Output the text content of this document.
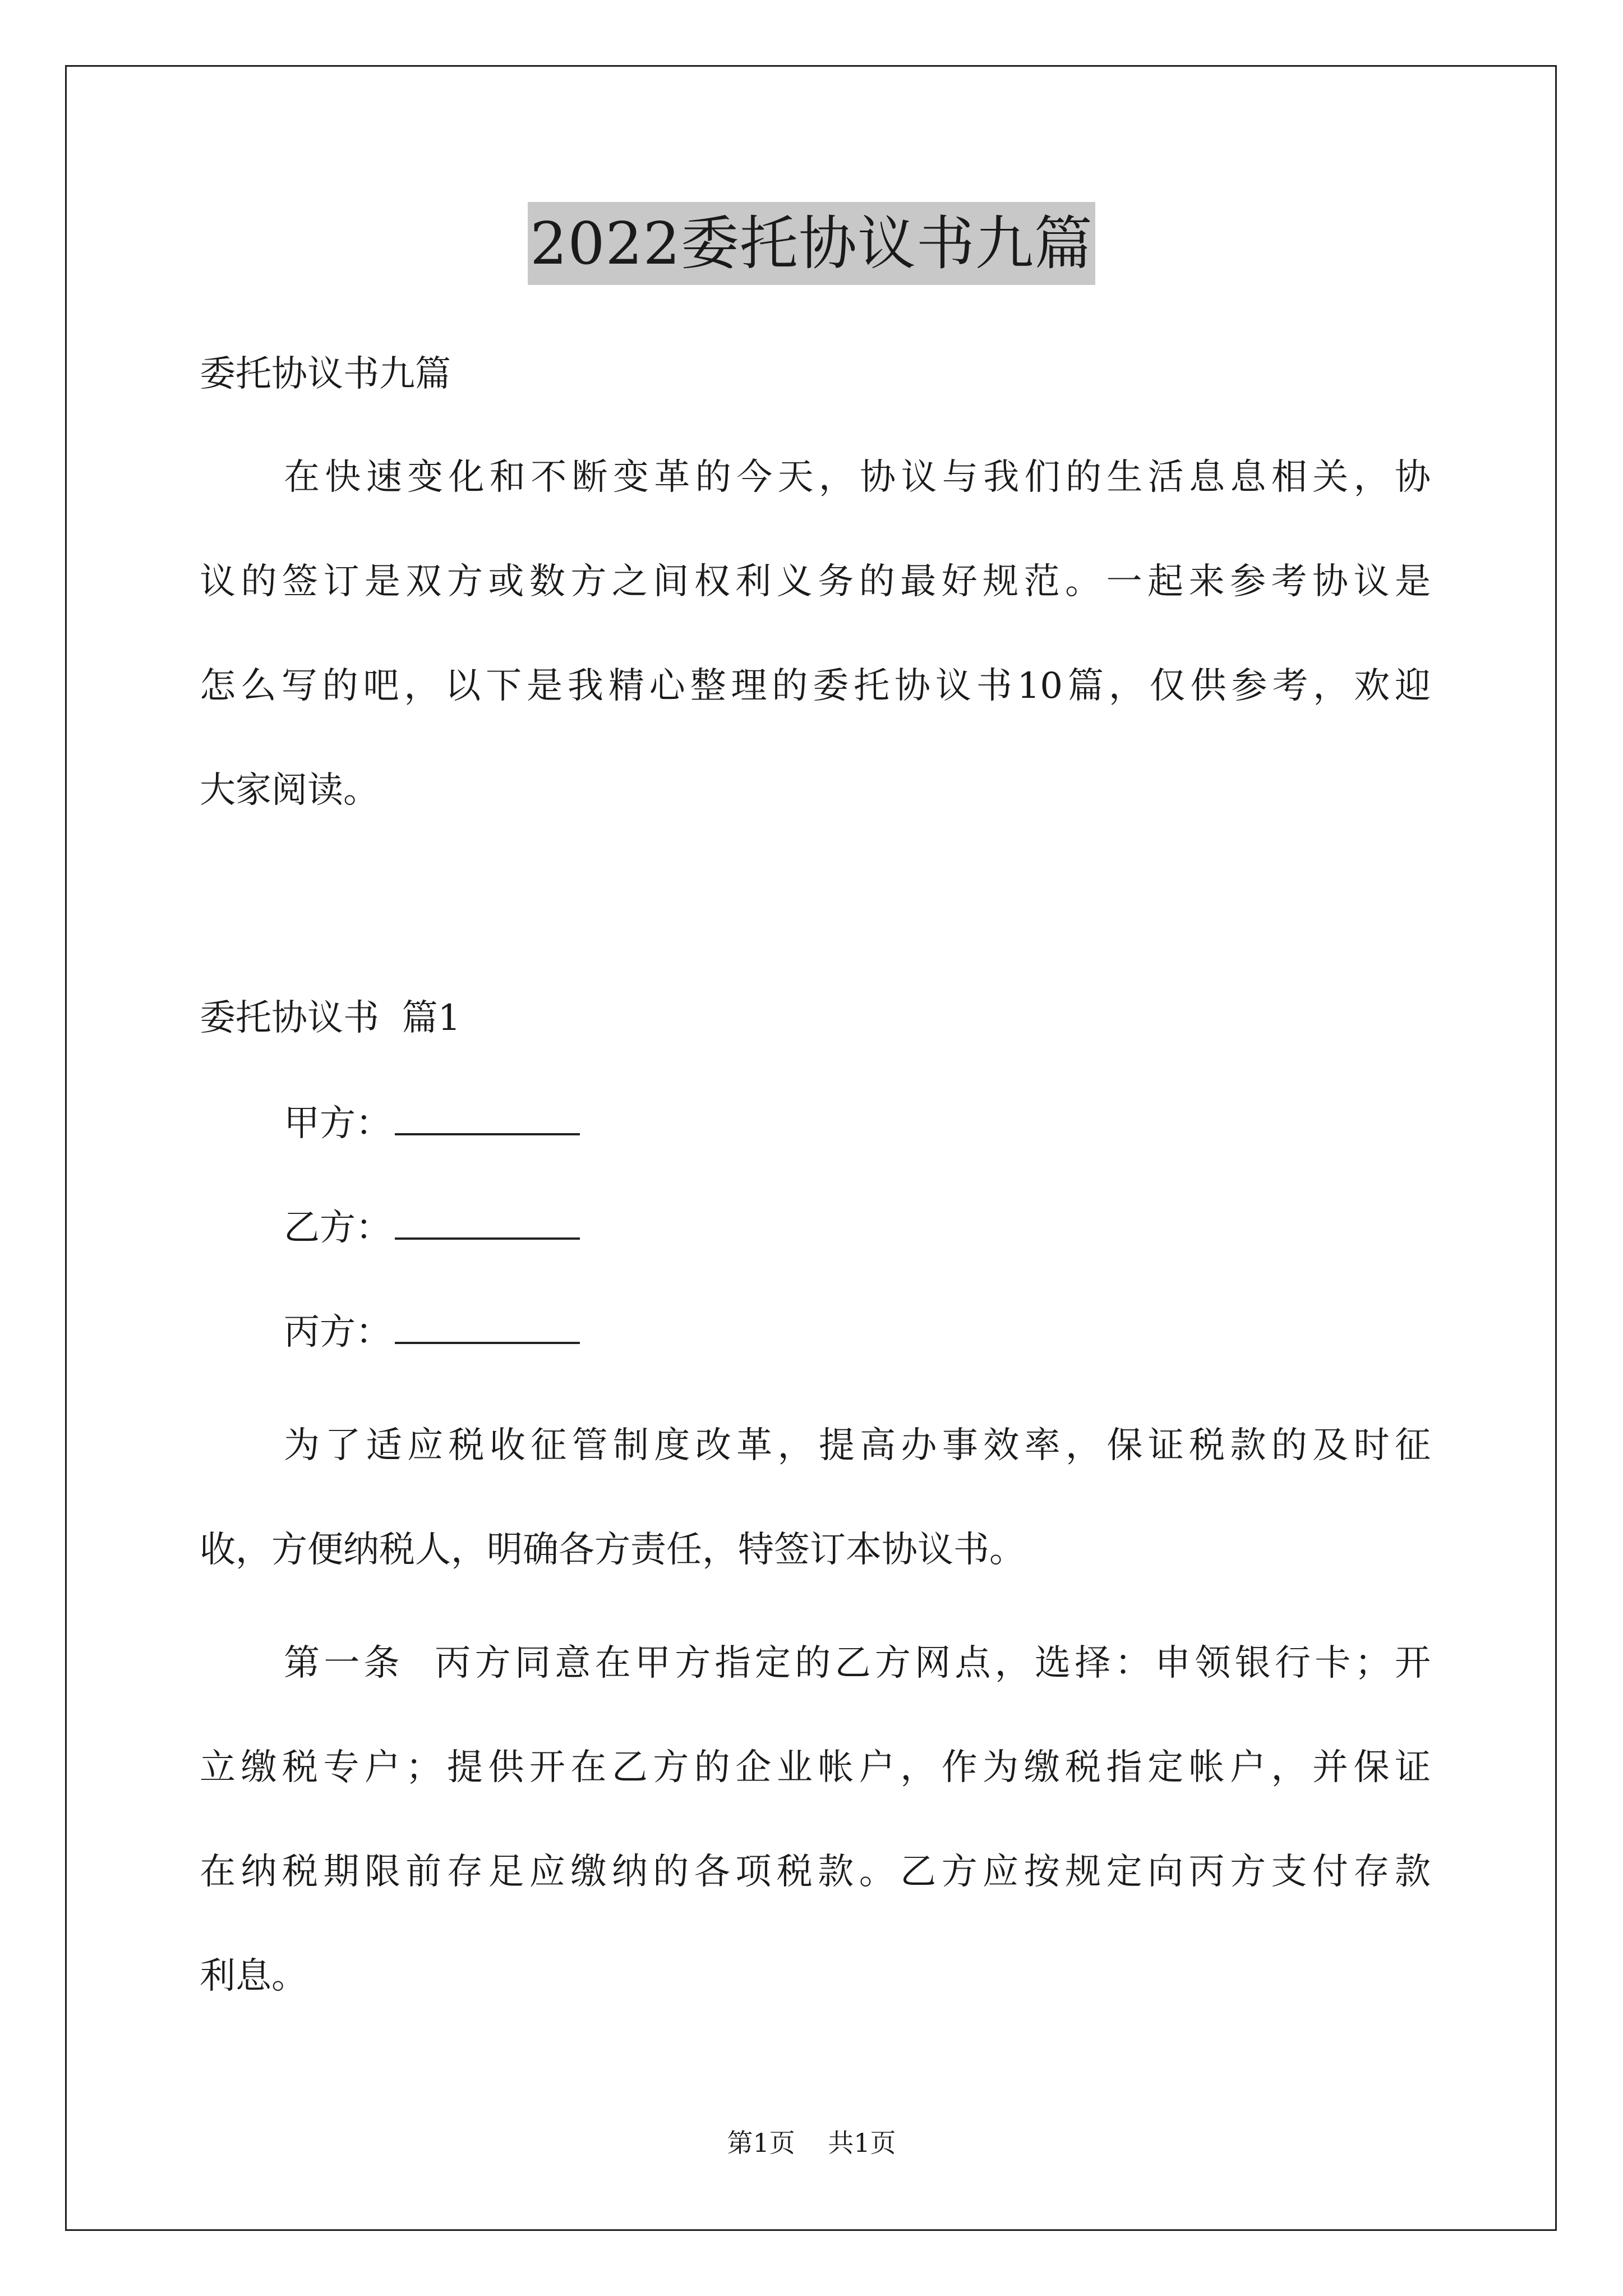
2022委托协议书九篇
委托协议书九篇
在快速变化和不断变革的今天，协议与我们的生活息息相关，协
议的签订是双方或数方之间权利义务的最好规范。一起来参考协议是
怎么写的吧，以下是我精心整理的委托协议书10篇，仅供参考，欢迎
大家阅读。
委托协议书  篇1
甲方：
乙方：
丙方：
为了适应税收征管制度改革，提高办事效率，保证税款的及时征
收，方便纳税人，明确各方责任，特签订本协议书。
第一条  丙方同意在甲方指定的乙方网点，选择：申领银行卡；开
立缴税专户；提供开在乙方的企业帐户，作为缴税指定帐户，并保证
在纳税期限前存足应缴纳的各项税款。乙方应按规定向丙方支付存款
利息。
第1页    共1页
